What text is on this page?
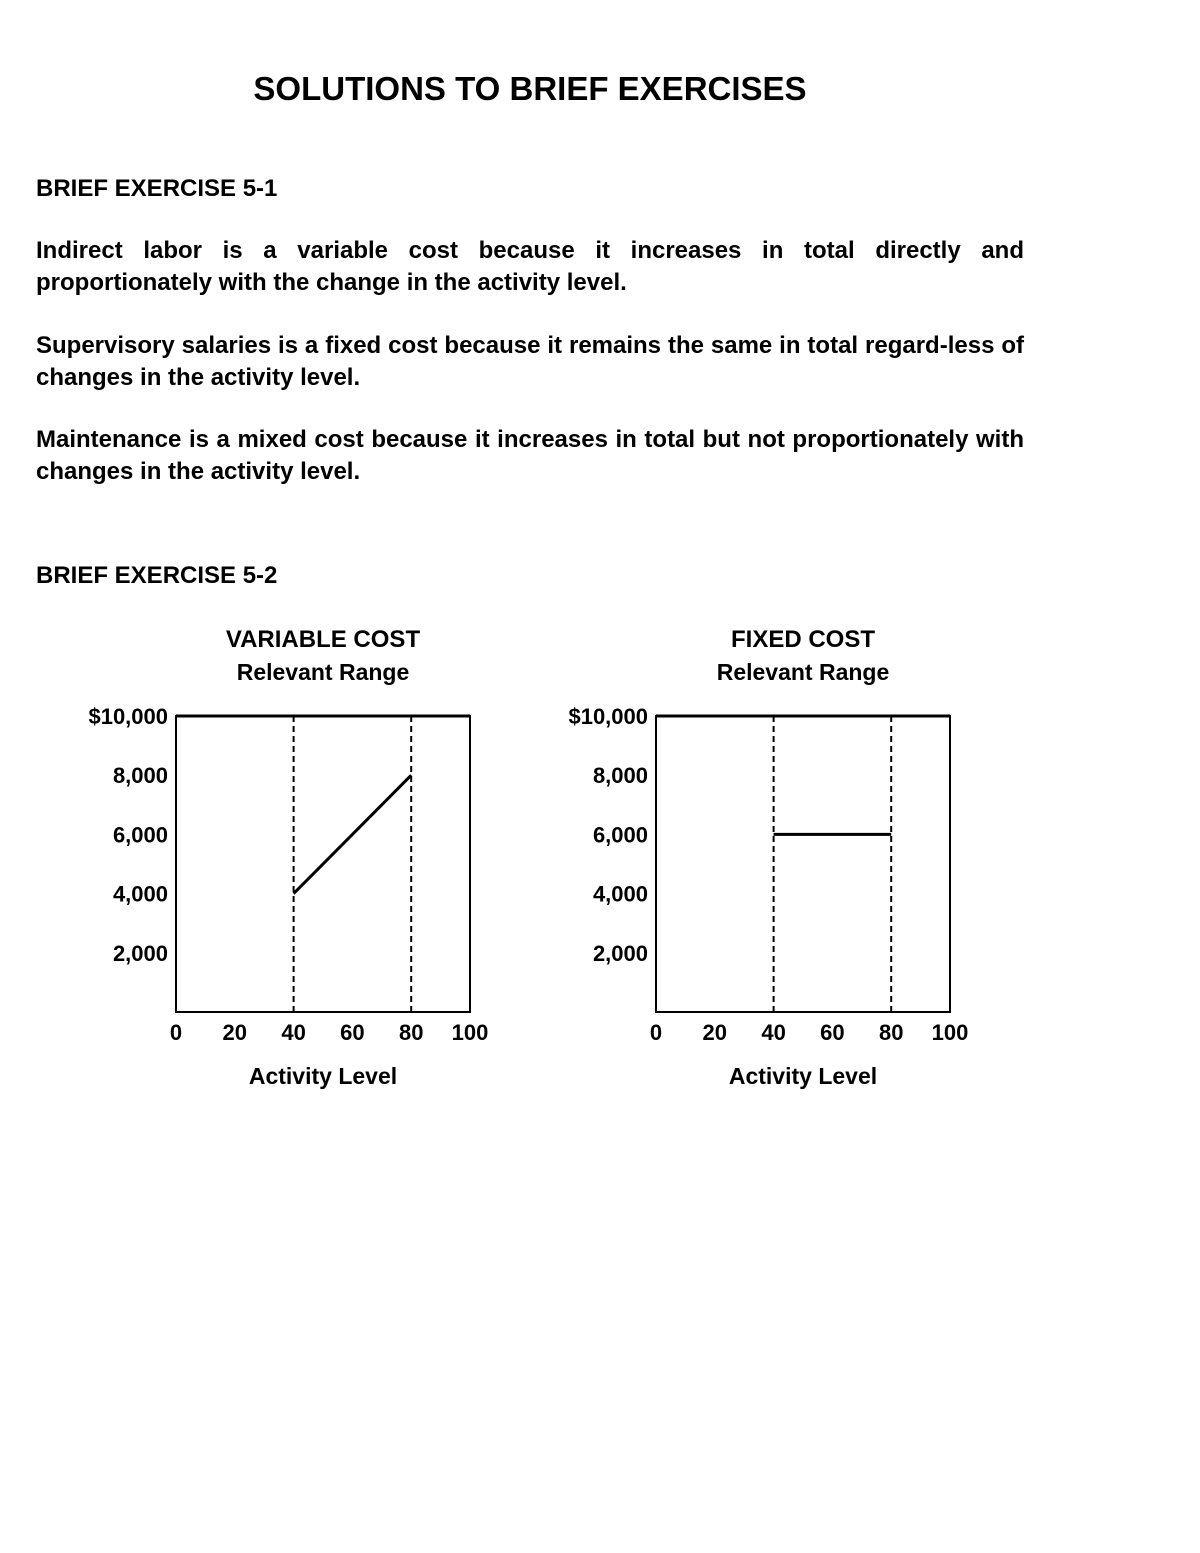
SOLUTIONS TO BRIEF EXERCISES
BRIEF EXERCISE 5-1

Indirect labor is a variable cost because it increases in total directly and proportionately with the change in the activity level.

Supervisory salaries is a fixed cost because it remains the same in total regard-less of changes in the activity level.

Maintenance is a mixed cost because it increases in total but not proportionately with changes in the activity level.

BRIEF EXERCISE 5-2
VARIABLE COST
Relevant Range
2,000
4,000
6,000
8,000
$10,000
0 20 40 60 80 100
Activity Level
FIXED COST
Relevant Range
2,000
4,000
6,000
8,000
$10,000
0 20 40 60 80 100
Activity Level
